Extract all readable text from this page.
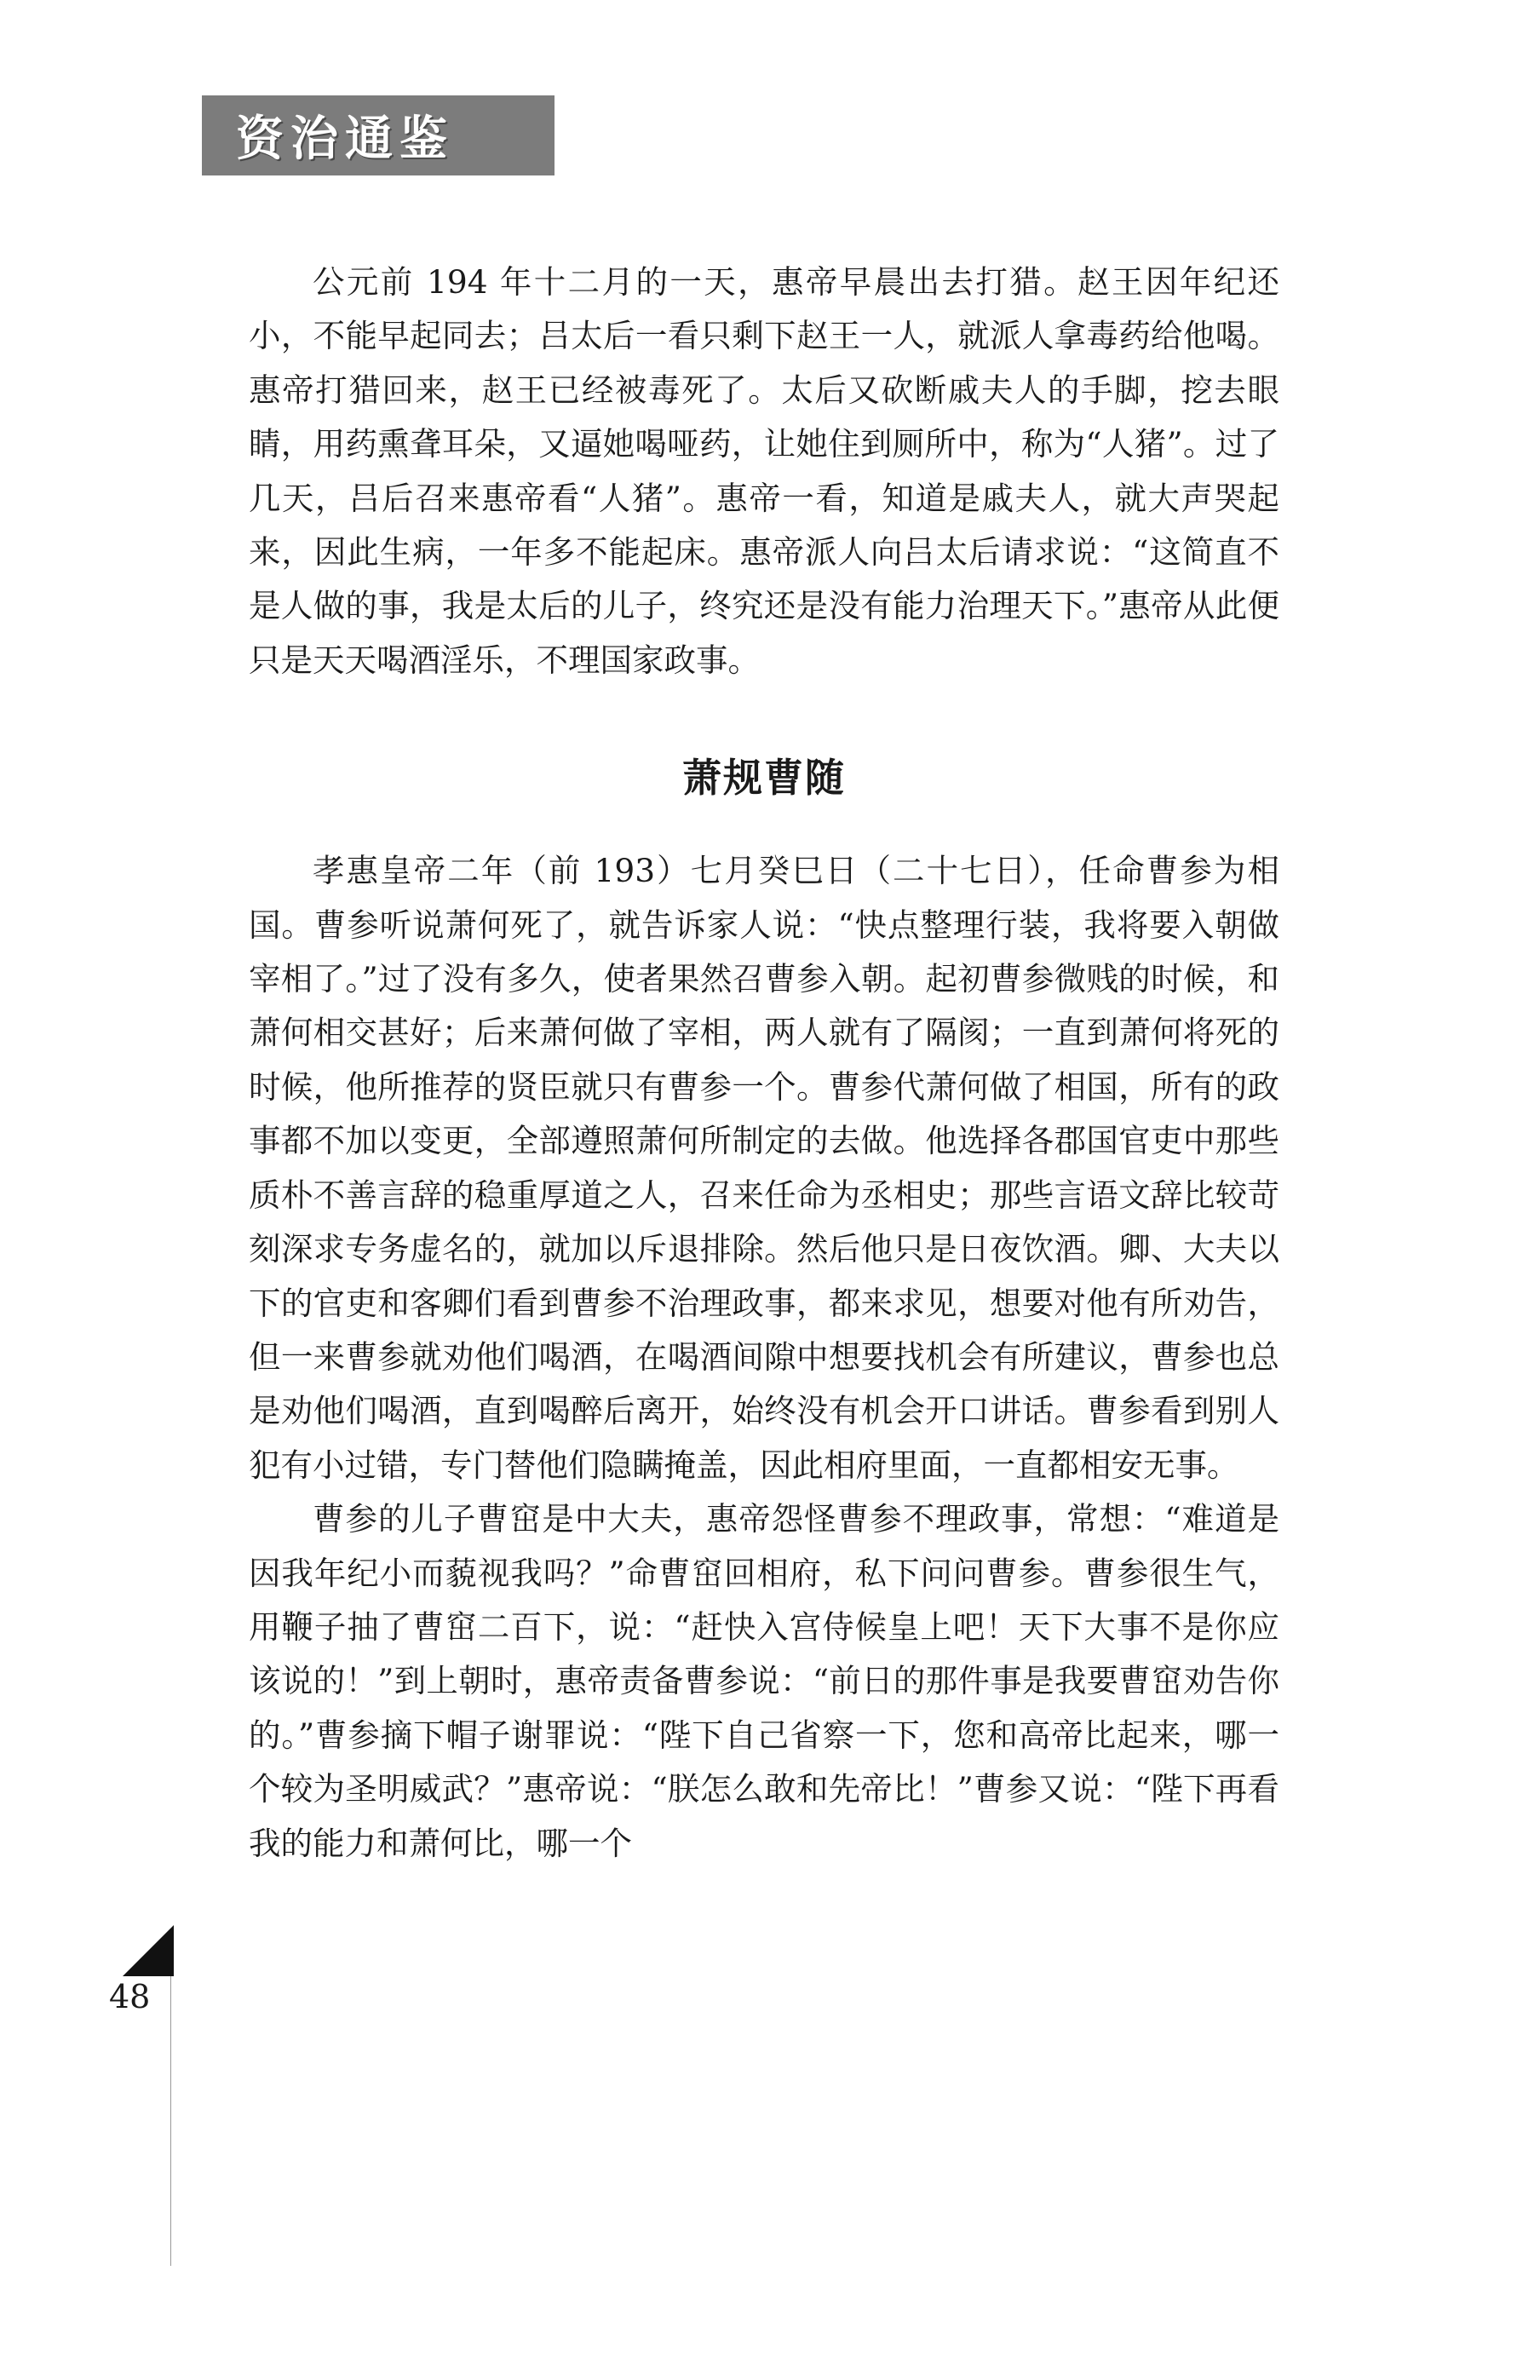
资治通鉴

公元前 194 年十二月的一天，惠帝早晨出去打猎。赵王因年纪还小，不能早起同去；吕太后一看只剩下赵王一人，就派人拿毒药给他喝。惠帝打猎回来，赵王已经被毒死了。太后又砍断戚夫人的手脚，挖去眼睛，用药熏聋耳朵，又逼她喝哑药，让她住到厕所中，称为“人猪”。过了几天，吕后召来惠帝看“人猪”。惠帝一看，知道是戚夫人，就大声哭起来，因此生病，一年多不能起床。惠帝派人向吕太后请求说：“这简直不是人做的事，我是太后的儿子，终究还是没有能力治理天下。”惠帝从此便只是天天喝酒淫乐，不理国家政事。

萧规曹随

孝惠皇帝二年（前 193）七月癸巳日（二十七日），任命曹参为相国。曹参听说萧何死了，就告诉家人说：“快点整理行装，我将要入朝做宰相了。”过了没有多久，使者果然召曹参入朝。起初曹参微贱的时候，和萧何相交甚好；后来萧何做了宰相，两人就有了隔阂；一直到萧何将死的时候，他所推荐的贤臣就只有曹参一个。曹参代萧何做了相国，所有的政事都不加以变更，全部遵照萧何所制定的去做。他选择各郡国官吏中那些质朴不善言辞的稳重厚道之人，召来任命为丞相史；那些言语文辞比较苛刻深求专务虚名的，就加以斥退排除。然后他只是日夜饮酒。卿、大夫以下的官吏和客卿们看到曹参不治理政事，都来求见，想要对他有所劝告，但一来曹参就劝他们喝酒，在喝酒间隙中想要找机会有所建议，曹参也总是劝他们喝酒，直到喝醉后离开，始终没有机会开口讲话。曹参看到别人犯有小过错，专门替他们隐瞒掩盖，因此相府里面，一直都相安无事。

曹参的儿子曹窋是中大夫，惠帝怨怪曹参不理政事，常想：“难道是因我年纪小而藐视我吗？”命曹窋回相府，私下问问曹参。曹参很生气，用鞭子抽了曹窋二百下，说：“赶快入宫侍候皇上吧！天下大事不是你应该说的！”到上朝时，惠帝责备曹参说：“前日的那件事是我要曹窋劝告你的。”曹参摘下帽子谢罪说：“陛下自己省察一下，您和高帝比起来，哪一个较为圣明威武？”惠帝说：“朕怎么敢和先帝比！”曹参又说：“陛下再看我的能力和萧何比，哪一个

48
